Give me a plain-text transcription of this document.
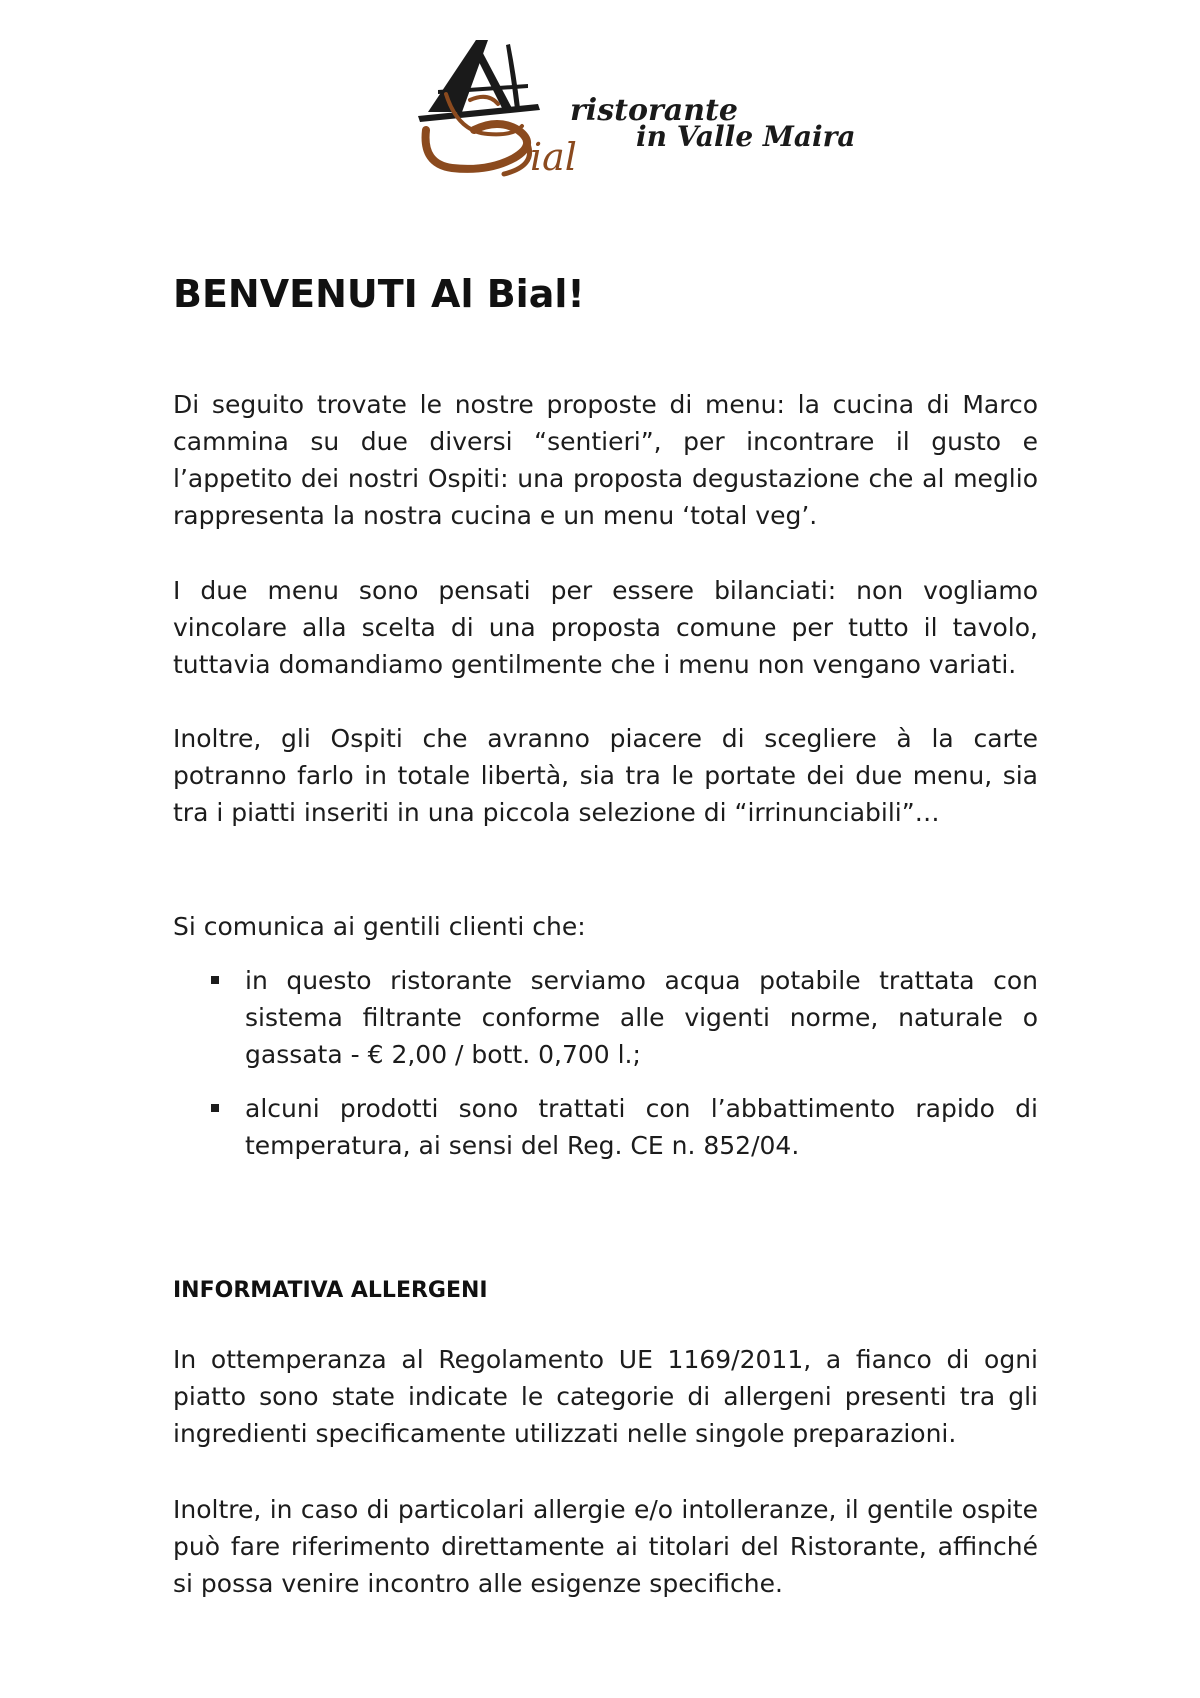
ial
ristorante
in Valle Maira
BENVENUTI Al Bial!

Di seguito trovate le nostre proposte di menu: la cucina di Marco cammina su due diversi “sentieri”, per incontrare il gusto e l’appetito dei nostri Ospiti: una proposta degustazione che al meglio rappresenta la nostra cucina e un menu ‘total veg’.

I due menu sono pensati per essere bilanciati: non vogliamo vincolare alla scelta di una proposta comune per tutto il tavolo, tuttavia domandiamo gentilmente che i menu non vengano variati.

Inoltre, gli Ospiti che avranno piacere di scegliere à la carte potranno farlo in totale libertà, sia tra le portate dei due menu, sia tra i piatti inseriti in una piccola selezione di “irrinunciabili”…

Si comunica ai gentili clienti che:

in questo ristorante serviamo acqua potabile trattata con sistema filtrante conforme alle vigenti norme, naturale o gassata - € 2,00 / bott. 0,700 l.;
alcuni prodotti sono trattati con l’abbattimento rapido di temperatura, ai sensi del Reg. CE n. 852/04.
INFORMATIVA ALLERGENI

In ottemperanza al Regolamento UE 1169/2011, a fianco di ogni piatto sono state indicate le categorie di allergeni presenti tra gli ingredienti specificamente utilizzati nelle singole preparazioni.

Inoltre, in caso di particolari allergie e/o intolleranze, il gentile ospite può fare riferimento direttamente ai titolari del Ristorante, affinché si possa venire incontro alle esigenze specifiche.
